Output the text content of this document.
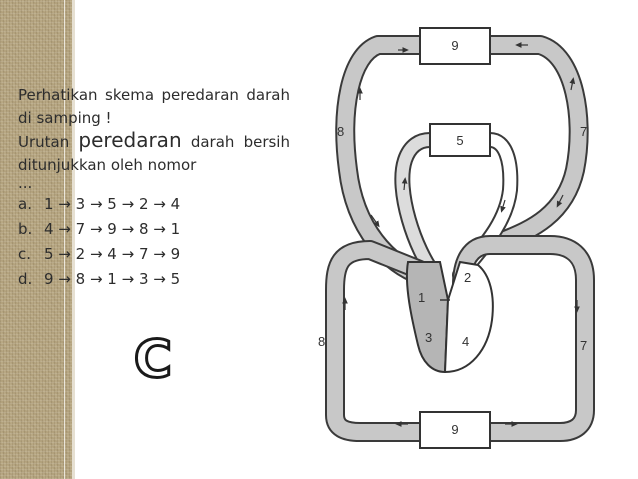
Perhatikan skema peredaran darah di samping !
Urutan peredaran darah bersih ditunjukkan oleh nomor
...
a. 1 → 3 → 5 → 2 → 4
b. 4 → 7 → 9 → 8 → 1
c. 5 → 2 → 4 → 7 → 9
d. 9 → 8 → 1 → 3 → 5
C
9
5
9
8
8
7
7
1
2
3 4
